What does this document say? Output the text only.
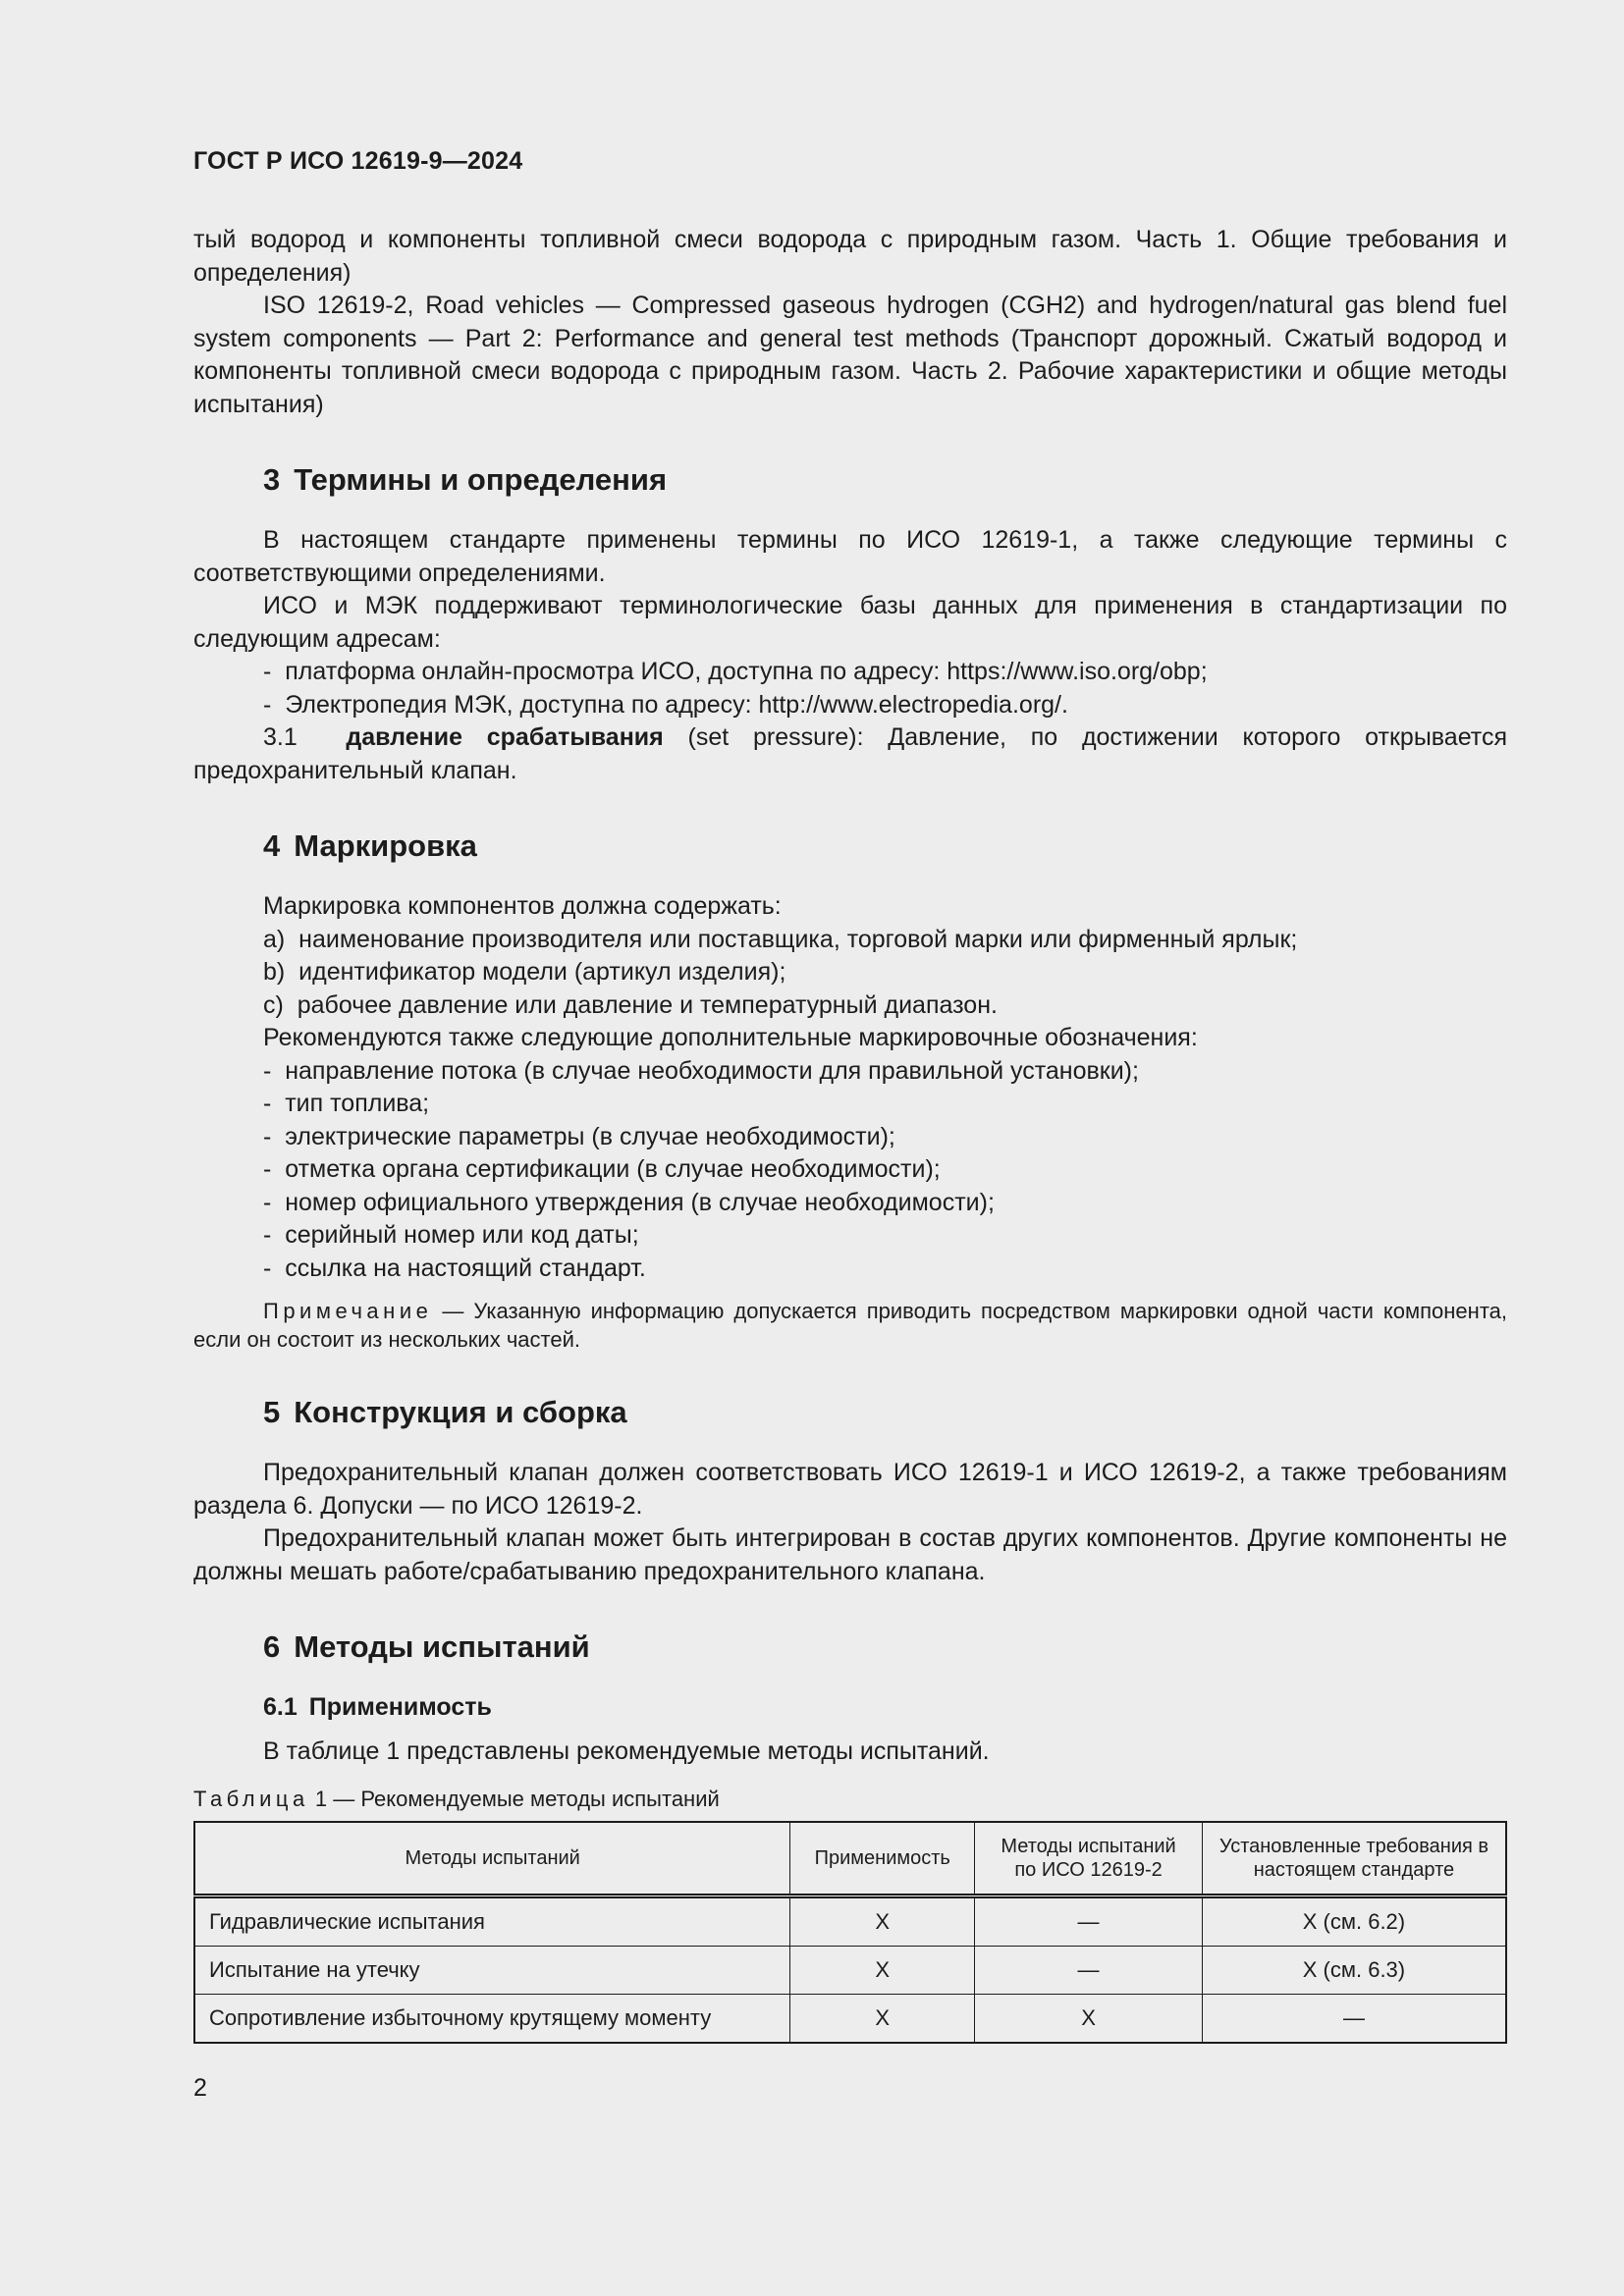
ГОСТ Р ИСО 12619-9—2024

тый водород и компоненты топливной смеси водорода с природным газом. Часть 1. Общие требования и определения)

ISO 12619-2, Road vehicles — Compressed gaseous hydrogen (CGH2) and hydrogen/natural gas blend fuel system components — Part 2: Performance and general test methods (Транспорт дорожный. Сжатый водород и компоненты топливной смеси водорода с природным газом. Часть 2. Рабочие характеристики и общие методы испытания)

3 Термины и определения

В настоящем стандарте применены термины по ИСО 12619-1, а также следующие термины с соответствующими определениями.

ИСО и МЭК поддерживают терминологические базы данных для применения в стандартизации по следующим адресам:

-  платформа онлайн-просмотра ИСО, доступна по адресу: https://www.iso.org/obp;

-  Электропедия МЭК, доступна по адресу: http://www.electropedia.org/.

3.1 давление срабатывания (set pressure): Давление, по достижении которого открывается предохранительный клапан.

4 Маркировка

Маркировка компонентов должна содержать:

a) наименование производителя или поставщика, торговой марки или фирменный ярлык;

b) идентификатор модели (артикул изделия);

c) рабочее давление или давление и температурный диапазон.

Рекомендуются также следующие дополнительные маркировочные обозначения:

-  направление потока (в случае необходимости для правильной установки);

-  тип топлива;

-  электрические параметры (в случае необходимости);

-  отметка органа сертификации (в случае необходимости);

-  номер официального утверждения (в случае необходимости);

-  серийный номер или код даты;

-  ссылка на настоящий стандарт.

Примечание — Указанную информацию допускается приводить посредством маркировки одной части компонента, если он состоит из нескольких частей.

5 Конструкция и сборка

Предохранительный клапан должен соответствовать ИСО 12619-1 и ИСО 12619-2, а также требованиям раздела 6. Допуски — по ИСО 12619-2.

Предохранительный клапан может быть интегрирован в состав других компонентов. Другие компоненты не должны мешать работе/срабатыванию предохранительного клапана.

6 Методы испытаний
6.1 Применимость

В таблице 1 представлены рекомендуемые методы испытаний.

Таблица 1 — Рекомендуемые методы испытаний
Методы испытаний	Применимость	Методы испытаний по ИСО 12619-2	Установленные требования в настоящем стандарте
Гидравлические испытания	X	—	X (см. 6.2)
Испытание на утечку	X	—	X (см. 6.3)
Сопротивление избыточному крутящему моменту	X	X	—
2
